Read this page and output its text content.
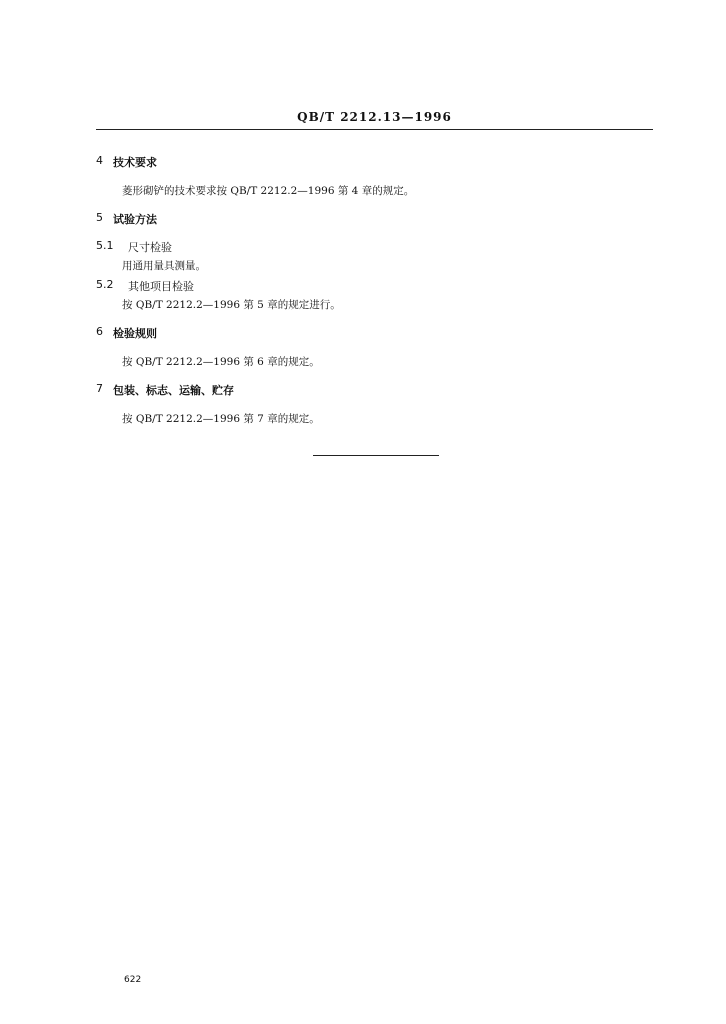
QB/T 2212.13—1996
4 技术要求
菱形砌铲的技术要求按 QB/T 2212.2—1996 第 4 章的规定。
5 试验方法
5.1 尺寸检验
用通用量具测量。
5.2 其他项目检验
按 QB/T 2212.2—1996 第 5 章的规定进行。
6 检验规则
按 QB/T 2212.2—1996 第 6 章的规定。
7 包装、标志、运输、贮存
按 QB/T 2212.2—1996 第 7 章的规定。
622
